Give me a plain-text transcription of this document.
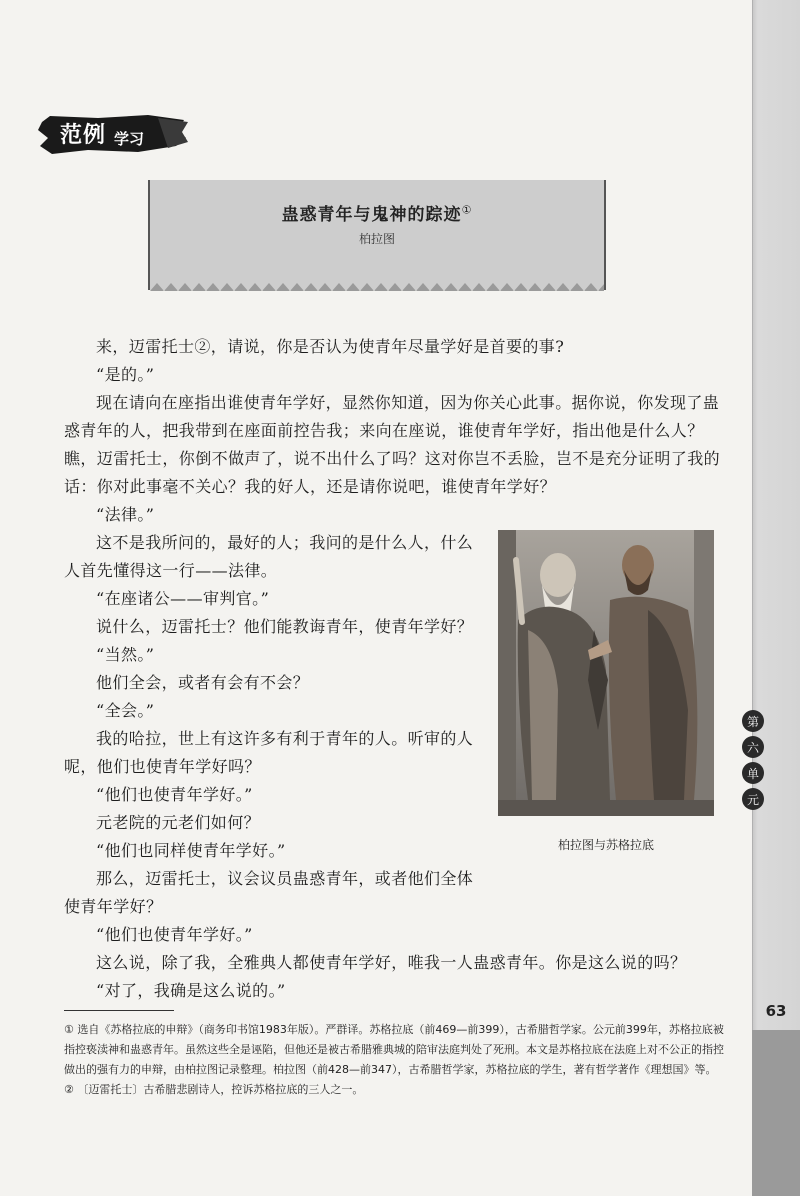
第
六
单
元
63
范例 学习
蛊惑青年与鬼神的踪迹①
柏拉图

来，迈雷托士②，请说，你是否认为使青年尽量学好是首要的事?

“是的。”

现在请向在座指出谁使青年学好，显然你知道，因为你关心此事。据你说，你发现了蛊惑青年的人，把我带到在座面前控告我；来向在座说，谁使青年学好，指出他是什么人？瞧，迈雷托士，你倒不做声了，说不出什么了吗？这对你岂不丢脸，岂不是充分证明了我的话：你对此事毫不关心？我的好人，还是请你说吧，谁使青年学好？

“法律。”

这不是我所问的，最好的人；我问的是什么人，什么人首先懂得这一行——法律。

“在座诸公——审判官。”

说什么，迈雷托士？他们能教诲青年，使青年学好？

“当然。”

他们全会，或者有会有不会？

“全会。”

我的哈拉，世上有这许多有利于青年的人。听审的人呢，他们也使青年学好吗？

“他们也使青年学好。”

元老院的元老们如何？

“他们也同样使青年学好。”

那么，迈雷托士，议会议员蛊惑青年，或者他们全体使青年学好？

“他们也使青年学好。”

这么说，除了我，全雅典人都使青年学好，唯我一人蛊惑青年。你是这么说的吗？

“对了，我确是这么说的。”

柏拉图与苏格拉底

① 选自《苏格拉底的申辩》（商务印书馆1983年版）。严群译。苏格拉底（前469—前399），古希腊哲学家。公元前399年，苏格拉底被指控亵渎神和蛊惑青年。虽然这些全是诬陷，但他还是被古希腊雅典城的陪审法庭判处了死刑。本文是苏格拉底在法庭上对不公正的指控做出的强有力的申辩，由柏拉图记录整理。柏拉图（前428—前347），古希腊哲学家，苏格拉底的学生，著有哲学著作《理想国》等。　② 〔迈雷托士〕古希腊悲剧诗人，控诉苏格拉底的三人之一。
